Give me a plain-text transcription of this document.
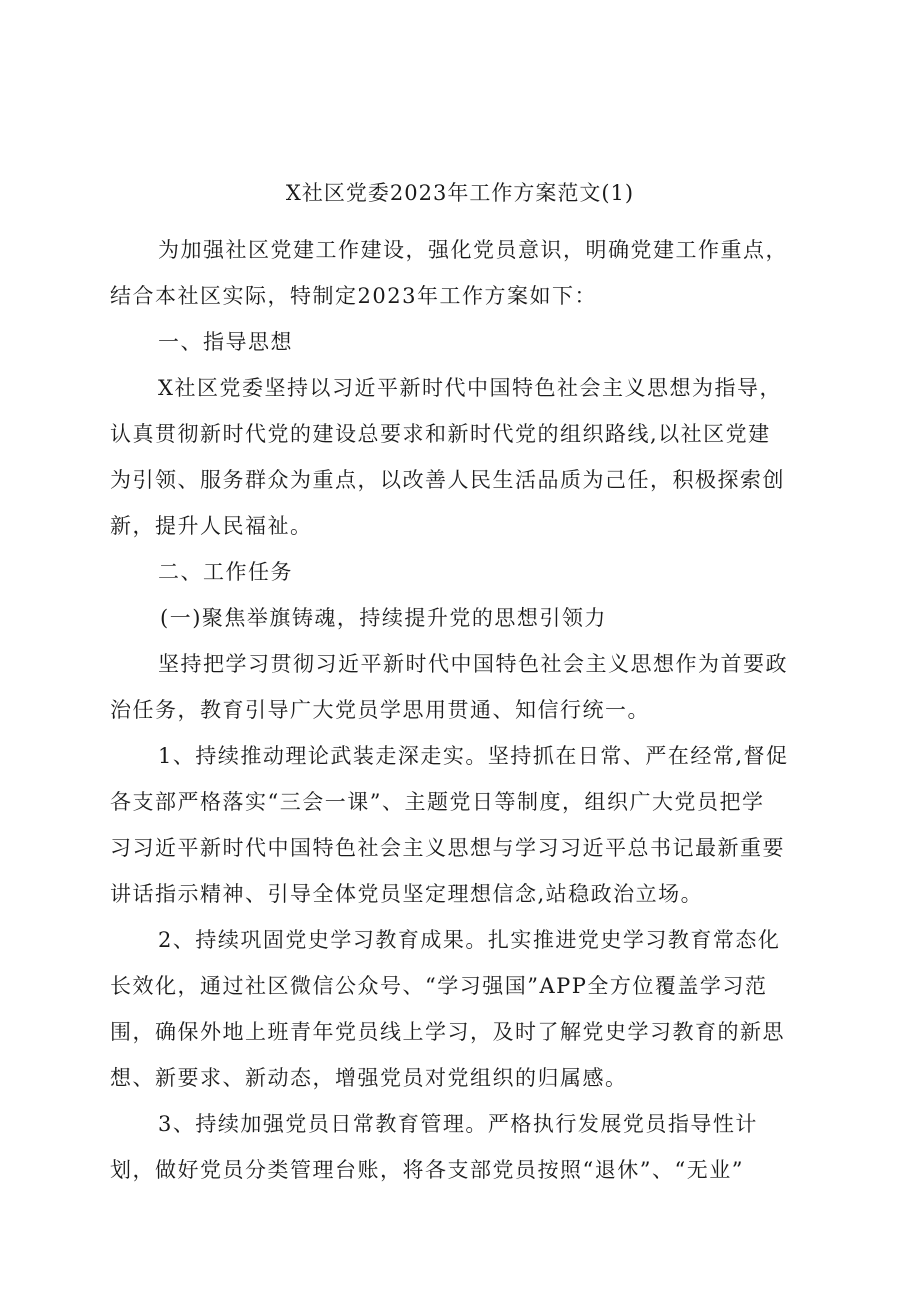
X社区党委2023年工作方案范文(1)
为加强社区党建工作建设，强化党员意识，明确党建工作重点，
结合本社区实际，特制定2023年工作方案如下：
一、指导思想
X社区党委坚持以习近平新时代中国特色社会主义思想为指导，
认真贯彻新时代党的建设总要求和新时代党的组织路线,以社区党建
为引领、服务群众为重点，以改善人民生活品质为己任，积极探索创
新，提升人民福祉。
二、工作任务
(一)聚焦举旗铸魂，持续提升党的思想引领力
坚持把学习贯彻习近平新时代中国特色社会主义思想作为首要政
治任务，教育引导广大党员学思用贯通、知信行统一。
1、持续推动理论武装走深走实。坚持抓在日常、严在经常,督促
各支部严格落实“三会一课”、主题党日等制度，组织广大党员把学
习习近平新时代中国特色社会主义思想与学习习近平总书记最新重要
讲话指示精神、引导全体党员坚定理想信念,站稳政治立场。
2、持续巩固党史学习教育成果。扎实推进党史学习教育常态化
长效化，通过社区微信公众号、“学习强国”APP全方位覆盖学习范
围，确保外地上班青年党员线上学习，及时了解党史学习教育的新思
想、新要求、新动态，增强党员对党组织的归属感。
3、持续加强党员日常教育管理。严格执行发展党员指导性计
划，做好党员分类管理台账，将各支部党员按照“退休”、“无业”
